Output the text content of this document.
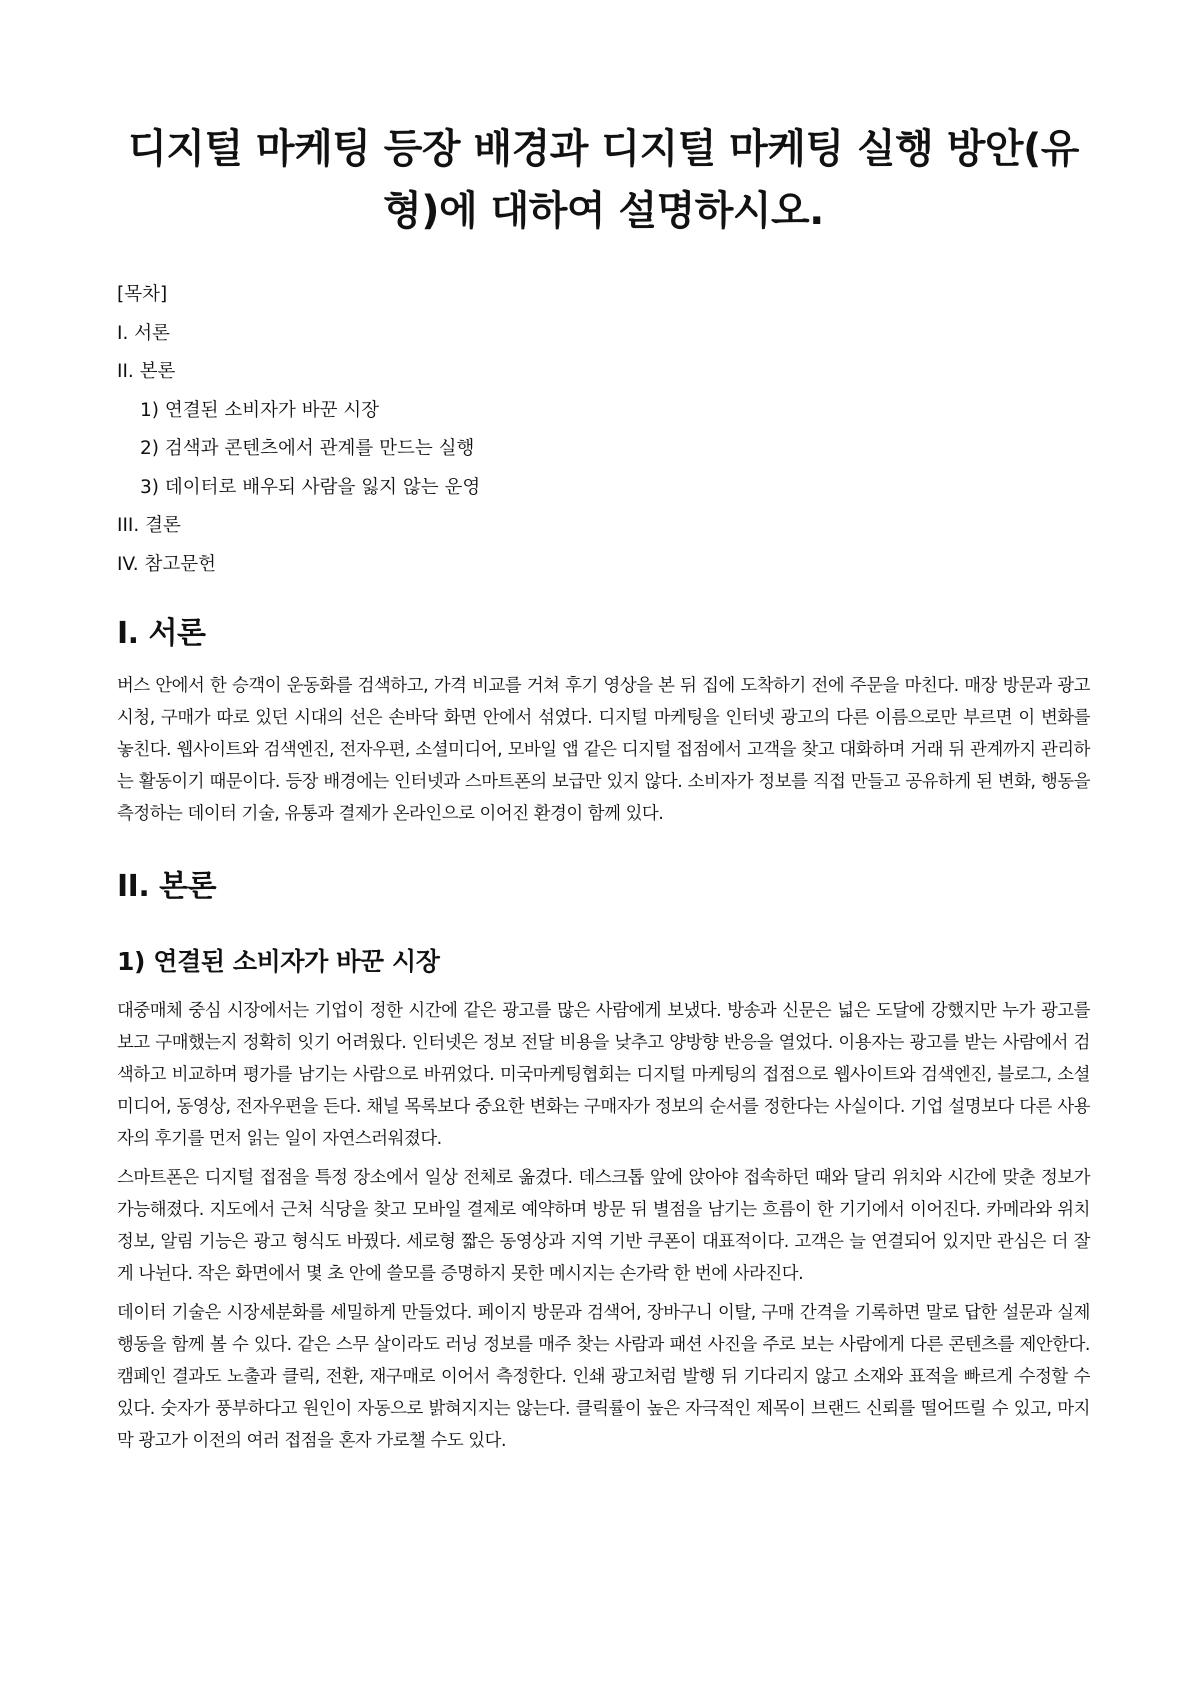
디지털 마케팅 등장 배경과 디지털 마케팅 실행 방안(유형)에 대하여 설명하시오.
[목차]
I. 서론
II. 본론
1) 연결된 소비자가 바꾼 시장
2) 검색과 콘텐츠에서 관계를 만드는 실행
3) 데이터로 배우되 사람을 잃지 않는 운영
III. 결론
IV. 참고문헌
I. 서론

버스 안에서 한 승객이 운동화를 검색하고, 가격 비교를 거쳐 후기 영상을 본 뒤 집에 도착하기 전에 주문을 마친다. 매장 방문과 광고 시청, 구매가 따로 있던 시대의 선은 손바닥 화면 안에서 섞였다. 디지털 마케팅을 인터넷 광고의 다른 이름으로만 부르면 이 변화를 놓친다. 웹사이트와 검색엔진, 전자우편, 소셜미디어, 모바일 앱 같은 디지털 접점에서 고객을 찾고 대화하며 거래 뒤 관계까지 관리하는 활동이기 때문이다. 등장 배경에는 인터넷과 스마트폰의 보급만 있지 않다. 소비자가 정보를 직접 만들고 공유하게 된 변화, 행동을 측정하는 데이터 기술, 유통과 결제가 온라인으로 이어진 환경이 함께 있다.

II. 본론
1) 연결된 소비자가 바꾼 시장

대중매체 중심 시장에서는 기업이 정한 시간에 같은 광고를 많은 사람에게 보냈다. 방송과 신문은 넓은 도달에 강했지만 누가 광고를 보고 구매했는지 정확히 잇기 어려웠다. 인터넷은 정보 전달 비용을 낮추고 양방향 반응을 열었다. 이용자는 광고를 받는 사람에서 검색하고 비교하며 평가를 남기는 사람으로 바뀌었다. 미국마케팅협회는 디지털 마케팅의 접점으로 웹사이트와 검색엔진, 블로그, 소셜미디어, 동영상, 전자우편을 든다. 채널 목록보다 중요한 변화는 구매자가 정보의 순서를 정한다는 사실이다. 기업 설명보다 다른 사용자의 후기를 먼저 읽는 일이 자연스러워졌다.

스마트폰은 디지털 접점을 특정 장소에서 일상 전체로 옮겼다. 데스크톱 앞에 앉아야 접속하던 때와 달리 위치와 시간에 맞춘 정보가 가능해졌다. 지도에서 근처 식당을 찾고 모바일 결제로 예약하며 방문 뒤 별점을 남기는 흐름이 한 기기에서 이어진다. 카메라와 위치 정보, 알림 기능은 광고 형식도 바꿨다. 세로형 짧은 동영상과 지역 기반 쿠폰이 대표적이다. 고객은 늘 연결되어 있지만 관심은 더 잘게 나뉜다. 작은 화면에서 몇 초 안에 쓸모를 증명하지 못한 메시지는 손가락 한 번에 사라진다.

데이터 기술은 시장세분화를 세밀하게 만들었다. 페이지 방문과 검색어, 장바구니 이탈, 구매 간격을 기록하면 말로 답한 설문과 실제 행동을 함께 볼 수 있다. 같은 스무 살이라도 러닝 정보를 매주 찾는 사람과 패션 사진을 주로 보는 사람에게 다른 콘텐츠를 제안한다. 캠페인 결과도 노출과 클릭, 전환, 재구매로 이어서 측정한다. 인쇄 광고처럼 발행 뒤 기다리지 않고 소재와 표적을 빠르게 수정할 수 있다. 숫자가 풍부하다고 원인이 자동으로 밝혀지지는 않는다. 클릭률이 높은 자극적인 제목이 브랜드 신뢰를 떨어뜨릴 수 있고, 마지막 광고가 이전의 여러 접점을 혼자 가로챌 수도 있다.
